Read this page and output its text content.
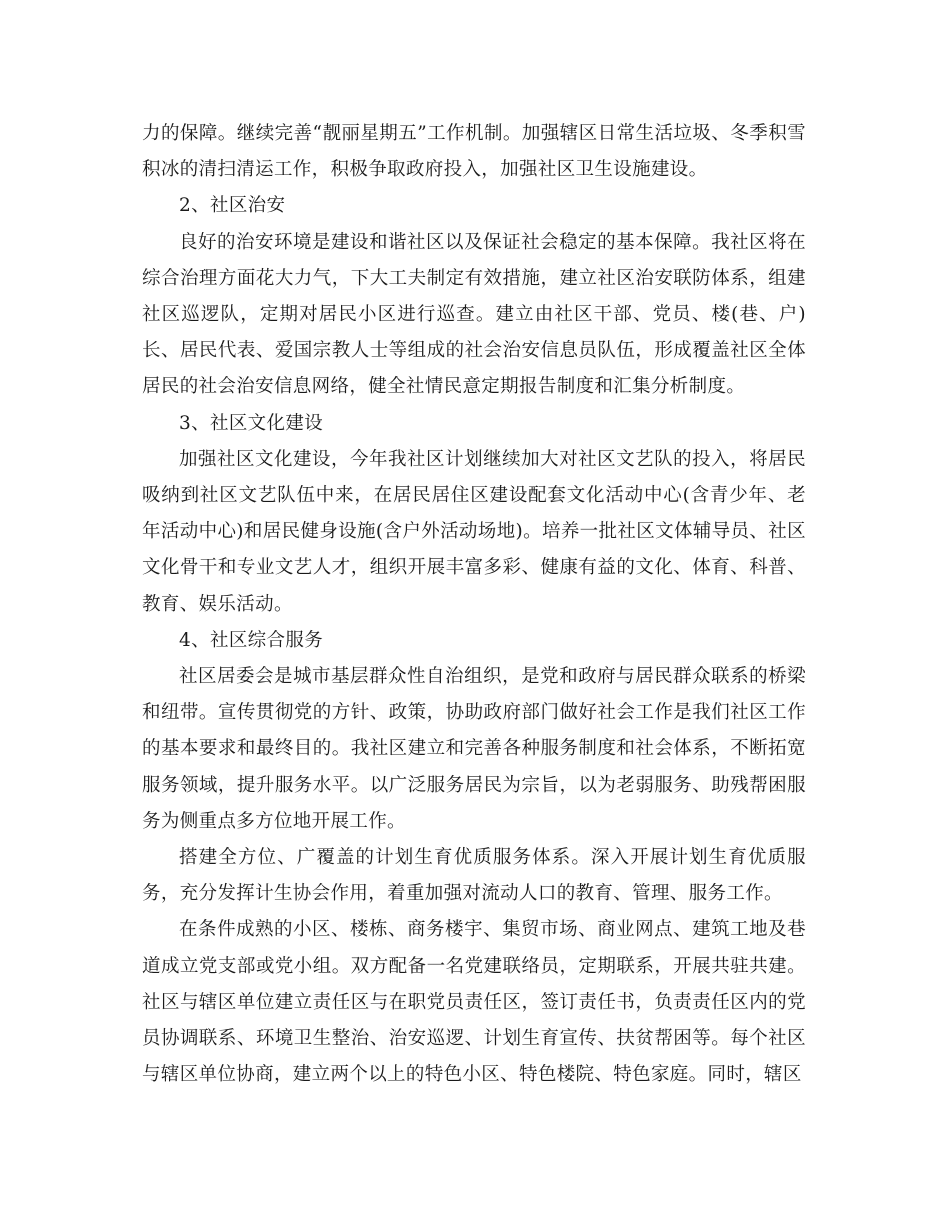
力的保障。继续完善“靓丽星期五”工作机制。加强辖区日常生活垃圾、冬季积雪积冰的清扫清运工作，积极争取政府投入，加强社区卫生设施建设。

2、社区治安

良好的治安环境是建设和谐社区以及保证社会稳定的基本保障。我社区将在综合治理方面花大力气，下大工夫制定有效措施，建立社区治安联防体系，组建社区巡逻队，定期对居民小区进行巡查。建立由社区干部、党员、楼(巷、户)长、居民代表、爱国宗教人士等组成的社会治安信息员队伍，形成覆盖社区全体居民的社会治安信息网络，健全社情民意定期报告制度和汇集分析制度。

3、社区文化建设

加强社区文化建设，今年我社区计划继续加大对社区文艺队的投入，将居民吸纳到社区文艺队伍中来，在居民居住区建设配套文化活动中心(含青少年、老年活动中心)和居民健身设施(含户外活动场地)。培养一批社区文体辅导员、社区文化骨干和专业文艺人才，组织开展丰富多彩、健康有益的文化、体育、科普、教育、娱乐活动。

4、社区综合服务

社区居委会是城市基层群众性自治组织，是党和政府与居民群众联系的桥梁和纽带。宣传贯彻党的方针、政策，协助政府部门做好社会工作是我们社区工作的基本要求和最终目的。我社区建立和完善各种服务制度和社会体系，不断拓宽服务领域，提升服务水平。以广泛服务居民为宗旨，以为老弱服务、助残帮困服务为侧重点多方位地开展工作。

搭建全方位、广覆盖的计划生育优质服务体系。深入开展计划生育优质服务，充分发挥计生协会作用，着重加强对流动人口的教育、管理、服务工作。

在条件成熟的小区、楼栋、商务楼宇、集贸市场、商业网点、建筑工地及巷道成立党支部或党小组。双方配备一名党建联络员，定期联系，开展共驻共建。社区与辖区单位建立责任区与在职党员责任区，签订责任书，负责责任区内的党员协调联系、环境卫生整治、治安巡逻、计划生育宣传、扶贫帮困等。每个社区与辖区单位协商，建立两个以上的特色小区、特色楼院、特色家庭。同时，辖区
